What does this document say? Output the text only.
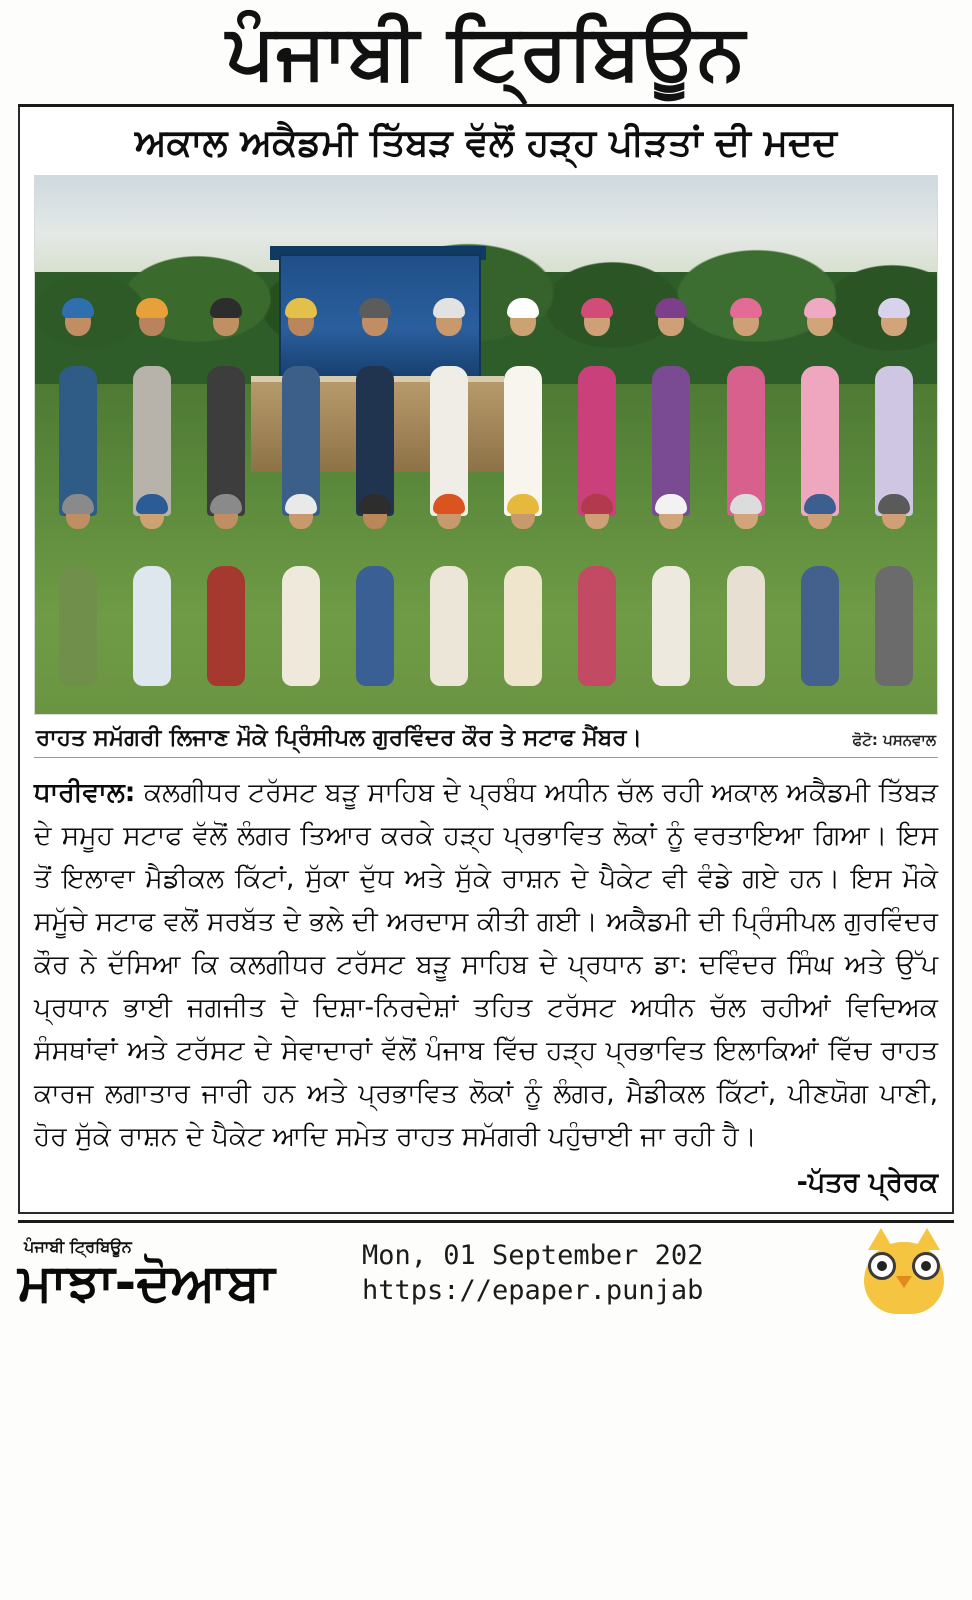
ਪੰਜਾਬੀ ਟ੍ਰਿਬਿਊਨ
ਅਕਾਲ ਅਕੈਡਮੀ ਤਿੱਬੜ ਵੱਲੋਂ ਹੜ੍ਹ ਪੀੜਤਾਂ ਦੀ ਮਦਦ
ਰਾਹਤ ਸਮੱਗਰੀ ਲਿਜਾਣ ਮੌਕੇ ਪ੍ਰਿੰਸੀਪਲ ਗੁਰਵਿੰਦਰ ਕੌਰ ਤੇ ਸਟਾਫ ਮੈਂਬਰ।	ਫੋਟੋ: ਪਸਨਵਾਲ
ਧਾਰੀਵਾਲ: ਕਲਗੀਧਰ ਟਰੱਸਟ ਬੜੂ ਸਾਹਿਬ ਦੇ ਪ੍ਰਬੰਧ ਅਧੀਨ ਚੱਲ ਰਹੀ ਅਕਾਲ ਅਕੈਡਮੀ ਤਿੱਬੜ ਦੇ ਸਮੂਹ ਸਟਾਫ ਵੱਲੋਂ ਲੰਗਰ ਤਿਆਰ ਕਰਕੇ ਹੜ੍ਹ ਪ੍ਰਭਾਵਿਤ ਲੋਕਾਂ ਨੂੰ ਵਰਤਾਇਆ ਗਿਆ। ਇਸ ਤੋਂ ਇਲਾਵਾ ਮੈਡੀਕਲ ਕਿੱਟਾਂ, ਸੁੱਕਾ ਦੁੱਧ ਅਤੇ ਸੁੱਕੇ ਰਾਸ਼ਨ ਦੇ ਪੈਕੇਟ ਵੀ ਵੰਡੇ ਗਏ ਹਨ। ਇਸ ਮੌਕੇ ਸਮੂੱਚੇ ਸਟਾਫ ਵਲੋਂ ਸਰਬੱਤ ਦੇ ਭਲੇ ਦੀ ਅਰਦਾਸ ਕੀਤੀ ਗਈ। ਅਕੈਡਮੀ ਦੀ ਪ੍ਰਿੰਸੀਪਲ ਗੁਰਵਿੰਦਰ ਕੌਰ ਨੇ ਦੱਸਿਆ ਕਿ ਕਲਗੀਧਰ ਟਰੱਸਟ ਬੜੂ ਸਾਹਿਬ ਦੇ ਪ੍ਰਧਾਨ ਡਾ: ਦਵਿੰਦਰ ਸਿੰਘ ਅਤੇ ਉੱਪ ਪ੍ਰਧਾਨ ਭਾਈ ਜਗਜੀਤ ਦੇ ਦਿਸ਼ਾ-ਨਿਰਦੇਸ਼ਾਂ ਤਹਿਤ ਟਰੱਸਟ ਅਧੀਨ ਚੱਲ ਰਹੀਆਂ ਵਿਦਿਅਕ ਸੰਸਥਾਂਵਾਂ ਅਤੇ ਟਰੱਸਟ ਦੇ ਸੇਵਾਦਾਰਾਂ ਵੱਲੋਂ ਪੰਜਾਬ ਵਿੱਚ ਹੜ੍ਹ ਪ੍ਰਭਾਵਿਤ ਇਲਾਕਿਆਂ ਵਿੱਚ ਰਾਹਤ ਕਾਰਜ ਲਗਾਤਾਰ ਜਾਰੀ ਹਨ ਅਤੇ ਪ੍ਰਭਾਵਿਤ ਲੋਕਾਂ ਨੂੰ ਲੰਗਰ, ਮੈਡੀਕਲ ਕਿੱਟਾਂ, ਪੀਣਯੋਗ ਪਾਣੀ, ਹੋਰ ਸੁੱਕੇ ਰਾਸ਼ਨ ਦੇ ਪੈਕੇਟ ਆਦਿ ਸਮੇਤ ਰਾਹਤ ਸਮੱਗਰੀ ਪਹੁੰਚਾਈ ਜਾ ਰਹੀ ਹੈ।
-ਪੱਤਰ ਪ੍ਰੇਰਕ
ਪੰਜਾਬੀ ਟ੍ਰਿਬਿਊਨ
ਮਾਝਾ-ਦੋਆਬਾ	Mon, 01 September 202
https://epaper.punjab
